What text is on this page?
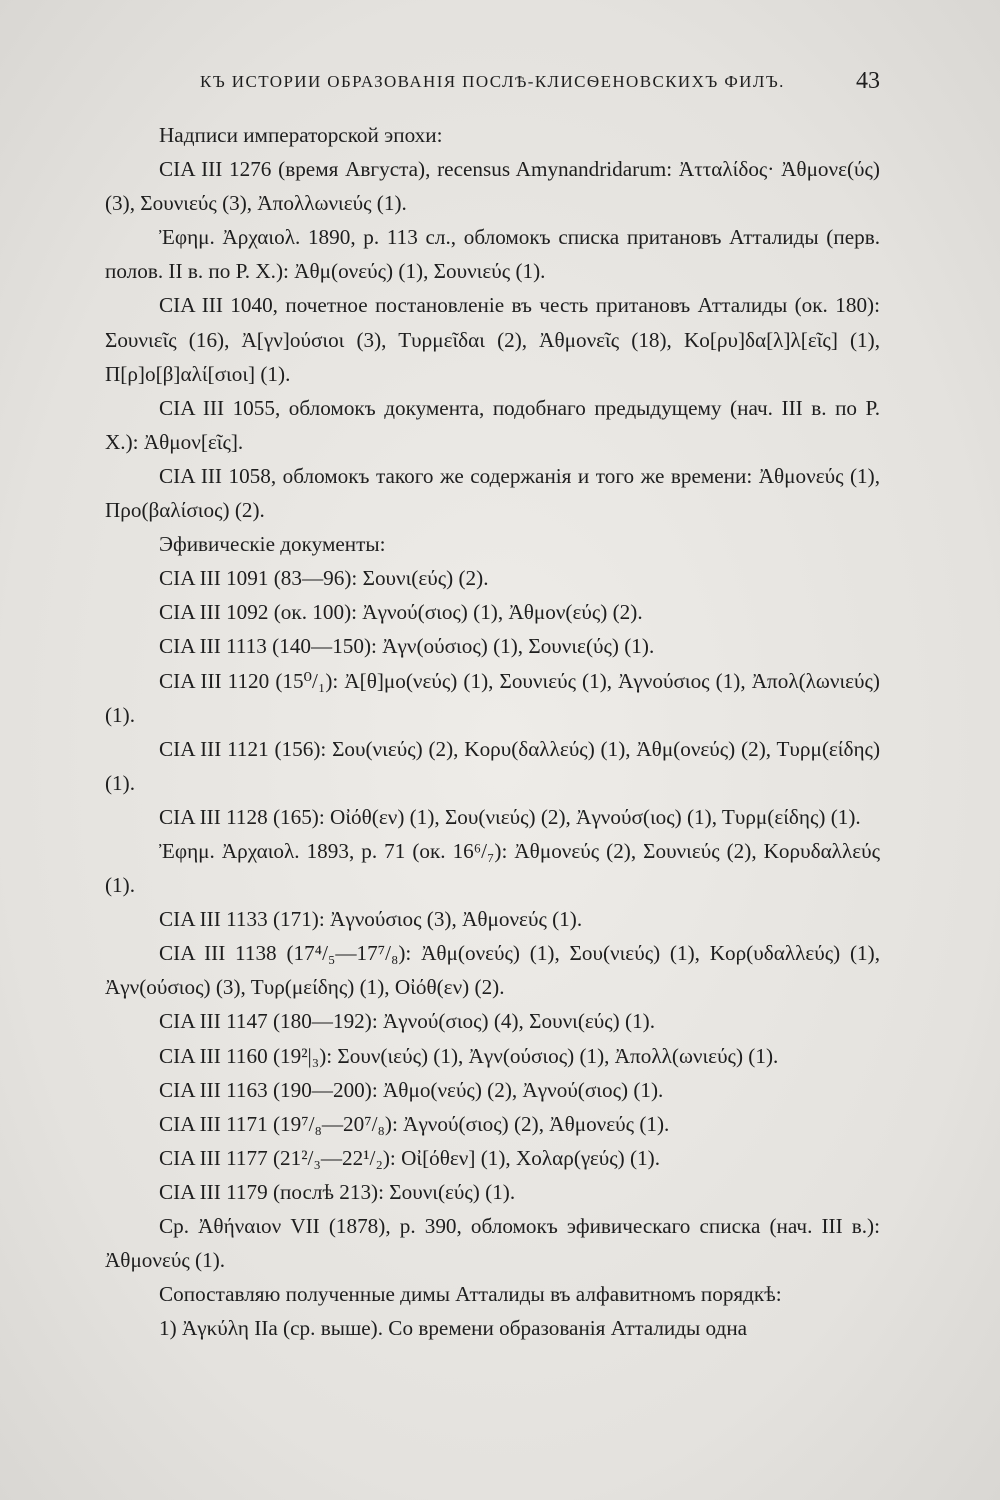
КЪ ИСТОРИИ ОБРАЗОВАНІЯ ПОСЛѢ-КЛИСѲЕНОВСКИХЪ ФИЛЪ.	43

Надписи императорской эпохи:

CIA III 1276 (время Августа), recensus Amynandridarum: Ἀτταλίδος· Ἀθμονε(ύς) (3), Σουνιεύς (3), Ἀπολλωνιεύς (1).

Ἐφημ. Ἀρχαιολ. 1890, p. 113 сл., обломокъ списка притановъ Атталиды (перв. полов. II в. по Р. X.): Ἀθμ(ονεύς) (1), Σουνιεύς (1).

CIA III 1040, почетное постановленіе въ честь притановъ Атталиды (ок. 180): Σουνιεῖς (16), Ἀ[γν]ούσιοι (3), Τυρμεῖδαι (2), Ἀθμονεῖς (18), Κο[ρυ]δα[λ]λ[εῖς] (1), Π[ρ]ο[β]αλί[σιοι] (1).

CIA III 1055, обломокъ документа, подобнаго предыдущему (нач. III в. по Р. X.): Ἀθμον[εῖς].

CIA III 1058, обломокъ такого же содержанія и того же времени: Ἀθμονεύς (1), Προ(βαλίσιος) (2).

Эфивическіе документы:

CIA III 1091 (83—96): Σουνι(εύς) (2).

CIA III 1092 (ок. 100): Ἀγνού(σιος) (1), Ἀθμον(εύς) (2).

CIA III 1113 (140—150): Ἀγν(ούσιος) (1), Σουνιε(ύς) (1).

CIA III 1120 (15⁰/₁): Ἀ[θ]μο(νεύς) (1), Σουνιεύς (1), Ἀγνούσιος (1), Ἀπολ(λωνιεύς) (1).

CIA III 1121 (156): Σου(νιεύς) (2), Κορυ(δαλλεύς) (1), Ἀθμ(ονεύς) (2), Τυρμ(είδης) (1).

CIA III 1128 (165): Οἰόθ(εν) (1), Σου(νιεύς) (2), Ἀγνούσ(ιος) (1), Τυρμ(είδης) (1).

Ἐφημ. Ἀρχαιολ. 1893, p. 71 (ок. 16⁶/₇): Ἀθμονεύς (2), Σουνιεύς (2), Κορυδαλλεύς (1).

CIA III 1133 (171): Ἀγνούσιος (3), Ἀθμονεύς (1).

CIA III 1138 (17⁴/₅—17⁷/₈): Ἀθμ(ονεύς) (1), Σου(νιεύς) (1), Κορ(υδαλλεύς) (1), Ἀγν(ούσιος) (3), Τυρ(μείδης) (1), Οἰόθ(εν) (2).

CIA III 1147 (180—192): Ἀγνού(σιος) (4), Σουνι(εύς) (1).

CIA III 1160 (19²|₃): Σουν(ιεύς) (1), Ἀγν(ούσιος) (1), Ἀπολλ(ωνιεύς) (1).

CIA III 1163 (190—200): Ἀθμο(νεύς) (2), Ἀγνού(σιος) (1).

CIA III 1171 (19⁷/₈—20⁷/₈): Ἀγνού(σιος) (2), Ἀθμονεύς (1).

CIA III 1177 (21²/₃—22¹/₂): Οἰ[όθεν] (1), Χολαρ(γεύς) (1).

CIA III 1179 (послѣ 213): Σουνι(εύς) (1).

Ср. Ἀθήναιον VII (1878), p. 390, обломокъ эфивическаго списка (нач. III в.): Ἀθμονεύς (1).

Сопоставляю полученные димы Атталиды въ алфавитномъ порядкѣ:

1) Ἀγκύλη IIa (ср. выше). Со времени образованія Атталиды одна
